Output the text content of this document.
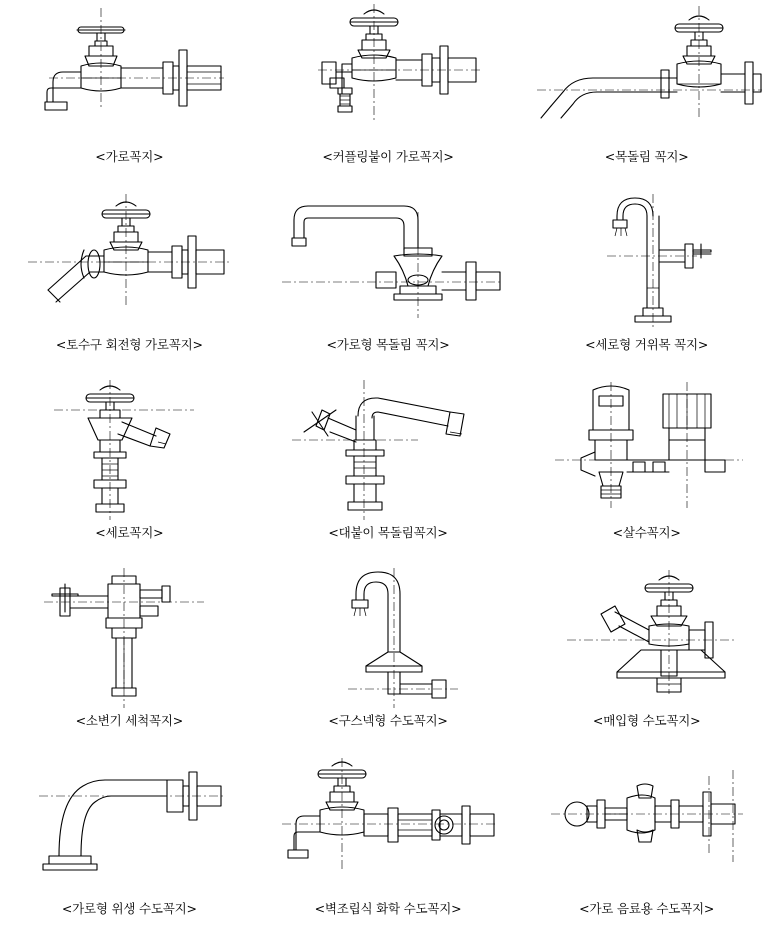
<가로꼭지>	<커플링붙이 가로꼭지>	<목돌림 꼭지>
<토수구 회전형 가로꼭지>	<가로형 목돌림 꼭지>	<세로형 거위목 꼭지>
<세로꼭지>	<대붙이 목돌림꼭지>	<살수꼭지>
<소변기 세척꼭지>	<구스넥형 수도꼭지>	<매입형 수도꼭지>
<가로형 위생 수도꼭지>	<벽조립식 화학 수도꼭지>	<가로 음료용 수도꼭지>
